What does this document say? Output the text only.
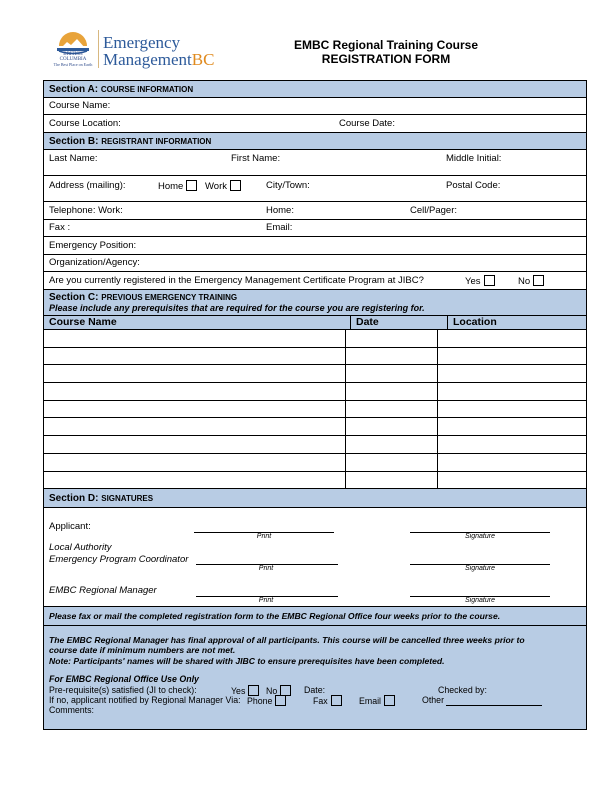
BRITISH
COLUMBIA
The Best Place on Earth
Emergency
ManagementBC
EMBC Regional Training Course
REGISTRATION FORM
Section A: COURSE INFORMATION
Course Name:
Course Location:	Course Date:
Section B: REGISTRANT INFORMATION
Last Name:	First Name:	Middle Initial:
Address (mailing):	Home	Work	City/Town:	Postal Code:
Telephone: Work:	Home:	Cell/Pager:
Fax :	Email:
Emergency Position:
Organization/Agency:
Are you currently registered in the Emergency Management Certificate Program at JIBC?	Yes	No
Section C: PREVIOUS EMERGENCY TRAINING
Please include any prerequisites that are required for the course you are registering for.
Course Name	Date	Location
Section D: SIGNATURES
Applicant:
Print	Signature
Local Authority
Emergency Program Coordinator
Print	Signature
EMBC Regional Manager
Print	Signature
Please fax or mail the completed registration form to the EMBC Regional Office four weeks prior to the course.
The EMBC Regional Manager has final approval of all participants. This course will be cancelled three weeks prior to
course date if minimum numbers are not met.
Note: Participants' names will be shared with JIBC to ensure prerequisites have been completed.
For EMBC Regional Office Use Only
Pre-requisite(s) satisfied (JI to check):	Yes	No	Date:	Checked by:
If no, applicant notified by Regional Manager Via: Phone	Fax	Email	Other
Comments:
